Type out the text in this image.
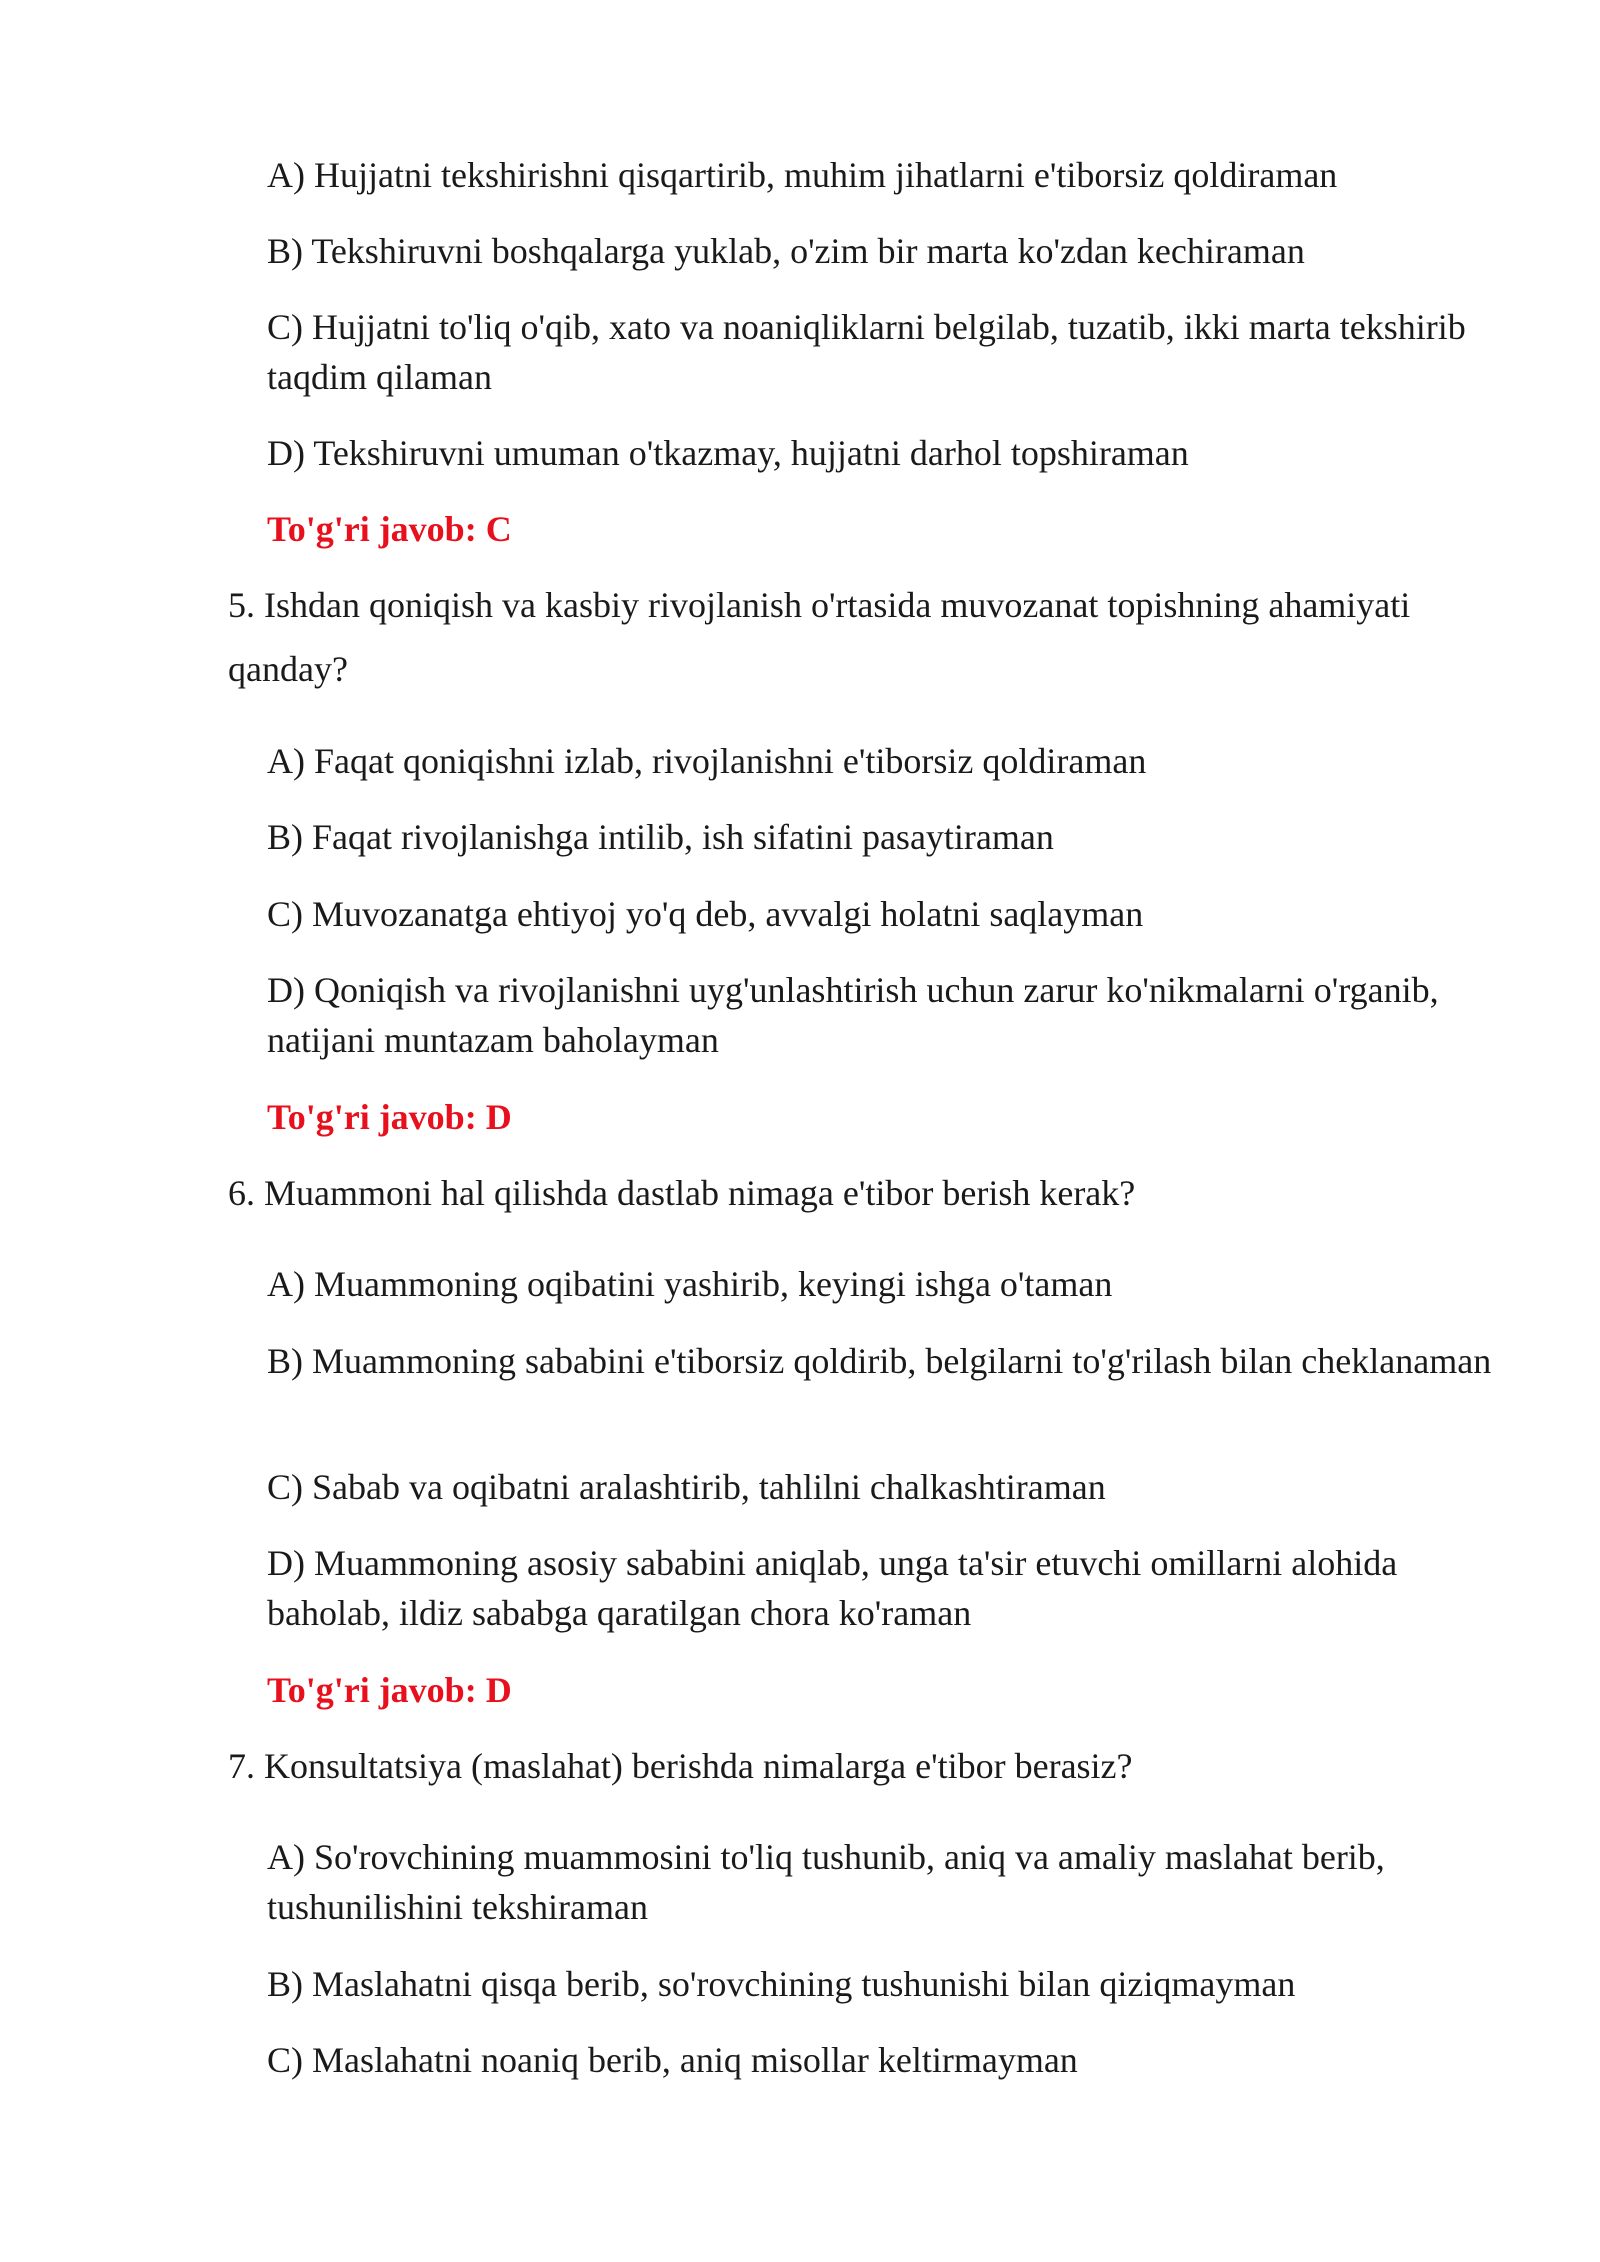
A) Hujjatni tekshirishni qisqartirib, muhim jihatlarni e'tiborsiz qoldiraman

B) Tekshiruvni boshqalarga yuklab, o'zim bir marta ko'zdan kechiraman

C) Hujjatni to'liq o'qib, xato va noaniqliklarni belgilab, tuzatib, ikki marta tekshirib taqdim qilaman

D) Tekshiruvni umuman o'tkazmay, hujjatni darhol topshiraman

To'g'ri javob: C

5. Ishdan qoniqish va kasbiy rivojlanish o'rtasida muvozanat topishning ahamiyati

qanday?

A) Faqat qoniqishni izlab, rivojlanishni e'tiborsiz qoldiraman

B) Faqat rivojlanishga intilib, ish sifatini pasaytiraman

C) Muvozanatga ehtiyoj yo'q deb, avvalgi holatni saqlayman

D) Qoniqish va rivojlanishni uyg'unlashtirish uchun zarur ko'nikmalarni o'rganib, natijani muntazam baholayman

To'g'ri javob: D

6. Muammoni hal qilishda dastlab nimaga e'tibor berish kerak?

A) Muammoning oqibatini yashirib, keyingi ishga o'taman

B) Muammoning sababini e'tiborsiz qoldirib, belgilarni to'g'rilash bilan cheklanaman

C) Sabab va oqibatni aralashtirib, tahlilni chalkashtiraman

D) Muammoning asosiy sababini aniqlab, unga ta'sir etuvchi omillarni alohida baholab, ildiz sababga qaratilgan chora ko'raman

To'g'ri javob: D

7. Konsultatsiya (maslahat) berishda nimalarga e'tibor berasiz?

A) So'rovchining muammosini to'liq tushunib, aniq va amaliy maslahat berib, tushunilishini tekshiraman

B) Maslahatni qisqa berib, so'rovchining tushunishi bilan qiziqmayman

C) Maslahatni noaniq berib, aniq misollar keltirmayman
